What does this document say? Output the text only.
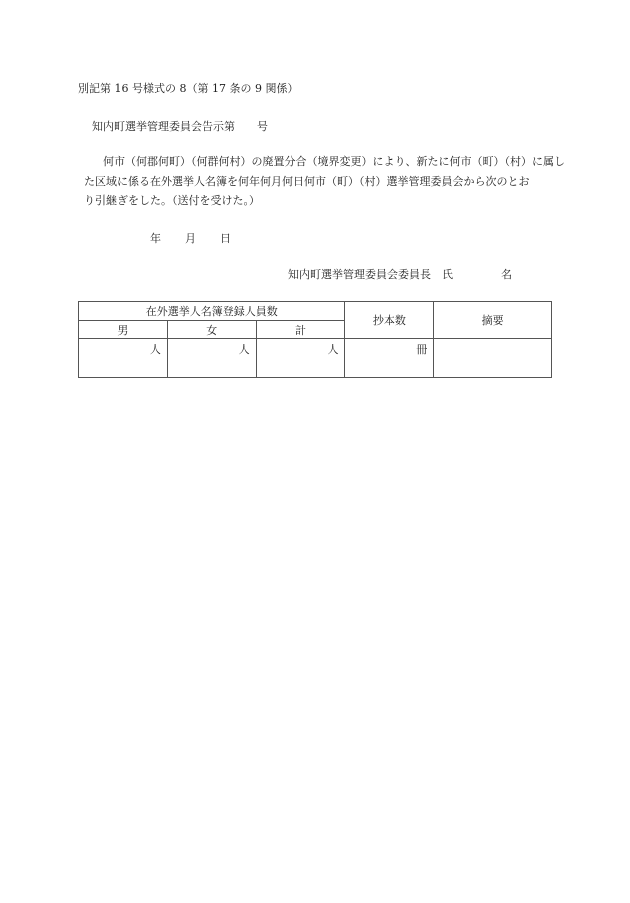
別記第 16 号様式の 8（第 17 条の 9 関係）
知内町選挙管理委員会告示第 号
何市（何郡何町）（何群何村）の廃置分合（境界変更）により、新たに何市（町）（村）に属し
た区域に係る在外選挙人名簿を何年何月何日何市（町）（村）選挙管理委員会から次のとお
り引継ぎをした。（送付を受けた。）
年 月 日
知内町選挙管理委員会委員長　氏	名
在外選挙人名簿登録人員数			抄本数	摘要
男	女	計		

人	人	人	冊	
